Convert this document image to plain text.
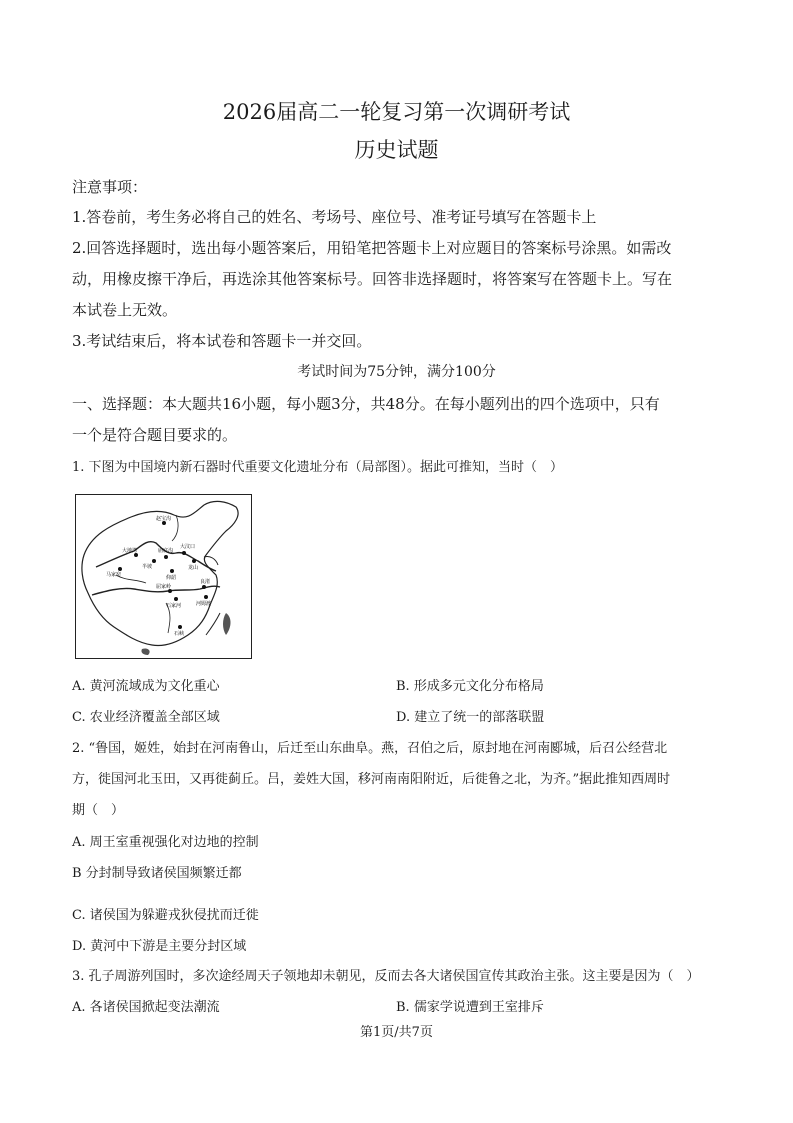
2026届高二一轮复习第一次调研考试
历史试题
注意事项：
1.答卷前，考生务必将自己的姓名、考场号、座位号、准考证号填写在答题卡上
2.回答选择题时，选出每小题答案后，用铅笔把答题卡上对应题目的答案标号涂黑。如需改
动，用橡皮擦干净后，再选涂其他答案标号。回答非选择题时，将答案写在答题卡上。写在
本试卷上无效。
3.考试结束后，将本试卷和答题卡一并交回。
考试时间为75分钟，满分100分
一、选择题：本大题共16小题，每小题3分，共48分。在每小题列出的四个选项中，只有
一个是符合题目要求的。
1. 下图为中国境内新石器时代重要文化遗址分布（局部图）。据此可推知，当时（　）
赵宝沟
大地湾
半坡
庙底沟
大汶口
龙山
河姆渡
良渚
屈家岭
石家河
仰韶
马家窑
石峡
A. 黄河流域成为文化重心	B. 形成多元文化分布格局
C. 农业经济覆盖全部区域	D. 建立了统一的部落联盟
2. “鲁国，姬姓，始封在河南鲁山，后迁至山东曲阜。燕，召伯之后，原封地在河南郾城，后召公经营北
方，徙国河北玉田，又再徙蓟丘。吕，姜姓大国，移河南南阳附近，后徙鲁之北，为齐。”据此推知西周时
期（　）
A. 周王室重视强化对边地的控制
B 分封制导致诸侯国频繁迁都
C. 诸侯国为躲避戎狄侵扰而迁徙
D. 黄河中下游是主要分封区域
3. 孔子周游列国时，多次途经周天子领地却未朝见，反而去各大诸侯国宣传其政治主张。这主要是因为（　）
A. 各诸侯国掀起变法潮流	B. 儒家学说遭到王室排斥
第1页/共7页
